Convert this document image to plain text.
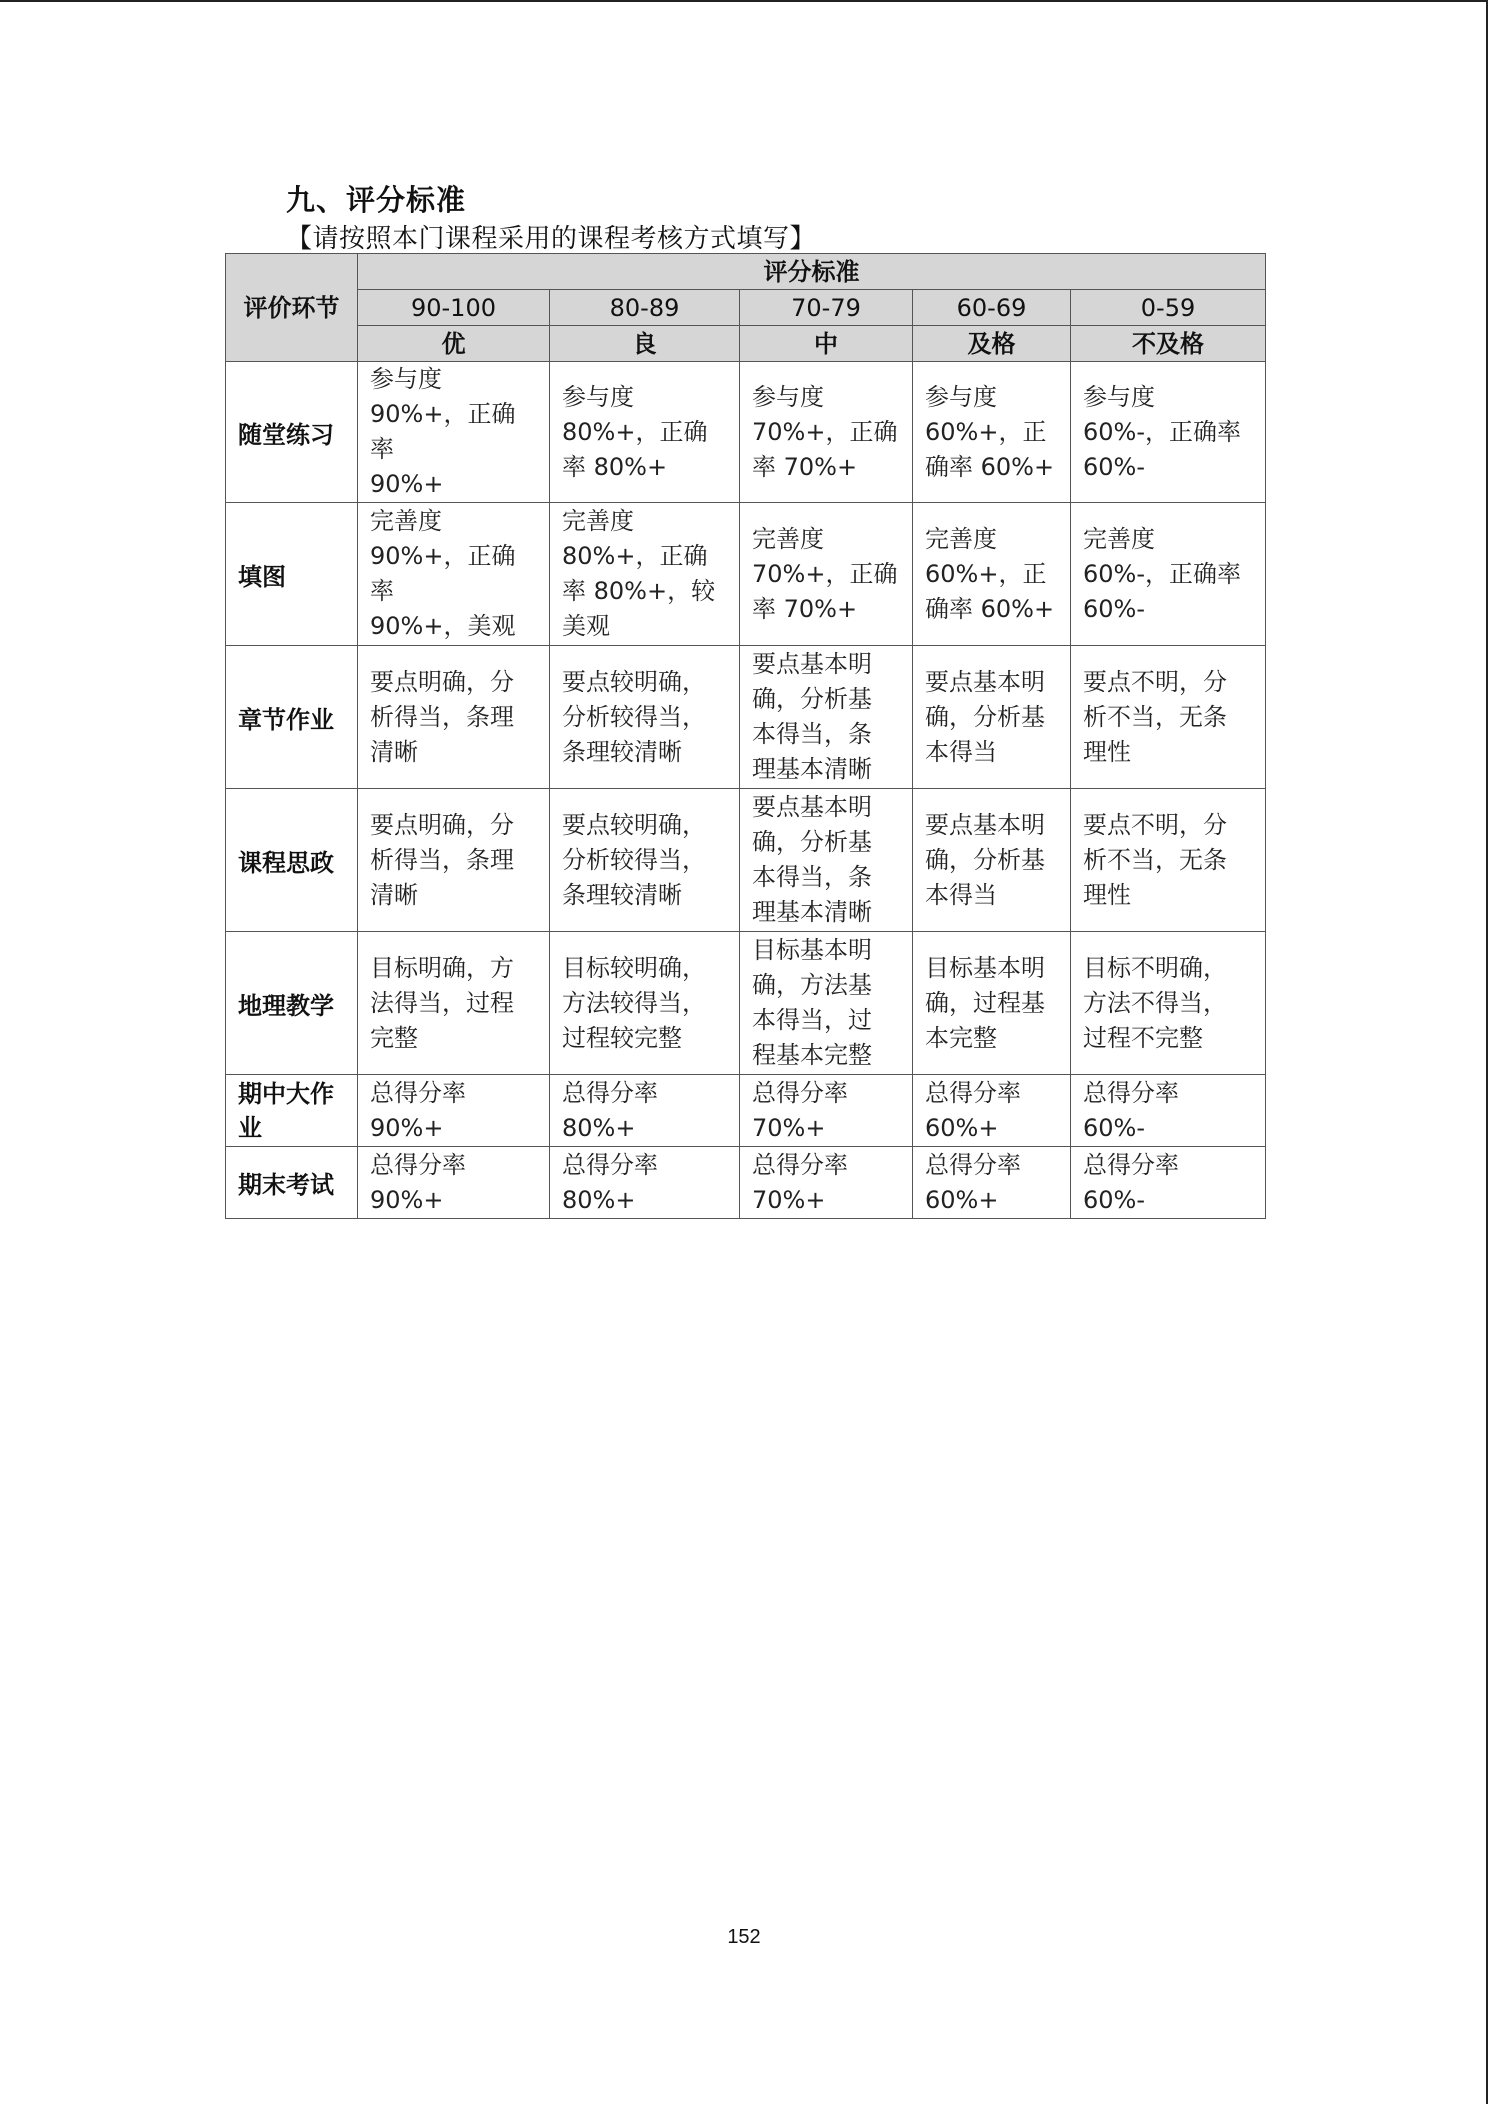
九、评分标准
【请按照本门课程采用的课程考核方式填写】
评价环节	评分标准				
	90-100	80-89	70-79	60-69	0-59
	优	良	中	及格	不及格
随堂练习	参与度
90%+，正确率
90%+	参与度
80%+，正确
率 80%+	参与度
70%+，正确
率 70%+	参与度
60%+，正
确率 60%+	参与度
60%-，正确率
60%-
填图	完善度
90%+，正确率
90%+，美观	完善度
80%+，正确
率 80%+，较
美观	完善度
70%+，正确
率 70%+	完善度
60%+，正
确率 60%+	完善度
60%-，正确率
60%-
章节作业	要点明确，分
析得当，条理
清晰	要点较明确，
分析较得当，
条理较清晰	要点基本明
确，分析基
本得当，条
理基本清晰	要点基本明
确，分析基
本得当	要点不明，分
析不当，无条
理性
课程思政	要点明确，分
析得当，条理
清晰	要点较明确，
分析较得当，
条理较清晰	要点基本明
确，分析基
本得当，条
理基本清晰	要点基本明
确，分析基
本得当	要点不明，分
析不当，无条
理性
地理教学	目标明确，方
法得当，过程
完整	目标较明确，
方法较得当，
过程较完整	目标基本明
确，方法基
本得当，过
程基本完整	目标基本明
确，过程基
本完整	目标不明确，
方法不得当，
过程不完整
期中大作
业	总得分率
90%+	总得分率
80%+	总得分率
70%+	总得分率
60%+	总得分率
60%-
期末考试	总得分率
90%+	总得分率
80%+	总得分率
70%+	总得分率
60%+	总得分率
60%-
152
